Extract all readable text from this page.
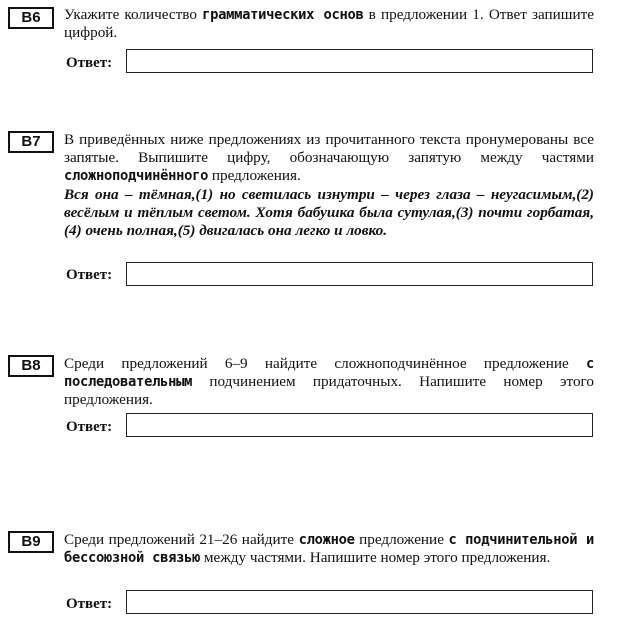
B6	Укажите количество грамматических основ в предложении 1. Ответ запишите цифрой.
Ответ:
B7	В приведённых ниже предложениях из прочитанного текста пронумерованы все запятые. Выпишите цифру, обозначающую запятую между частями сложноподчинённого предложения.
Вся она – тёмная,(1) но светилась изнутри – через глаза – неугасимым,(2) весёлым и тёплым светом. Хотя бабушка была сутулая,(3) почти горбатая,(4) очень полная,(5) двигалась она легко и ловко.
Ответ:
B8	Среди предложений 6–9 найдите сложноподчинённое предложение с последовательным подчинением придаточных. Напишите номер этого предложения.
Ответ:
B9	Среди предложений 21–26 найдите сложное предложение с подчинительной и бессоюзной связью между частями. Напишите номер этого предложения.
Ответ:
